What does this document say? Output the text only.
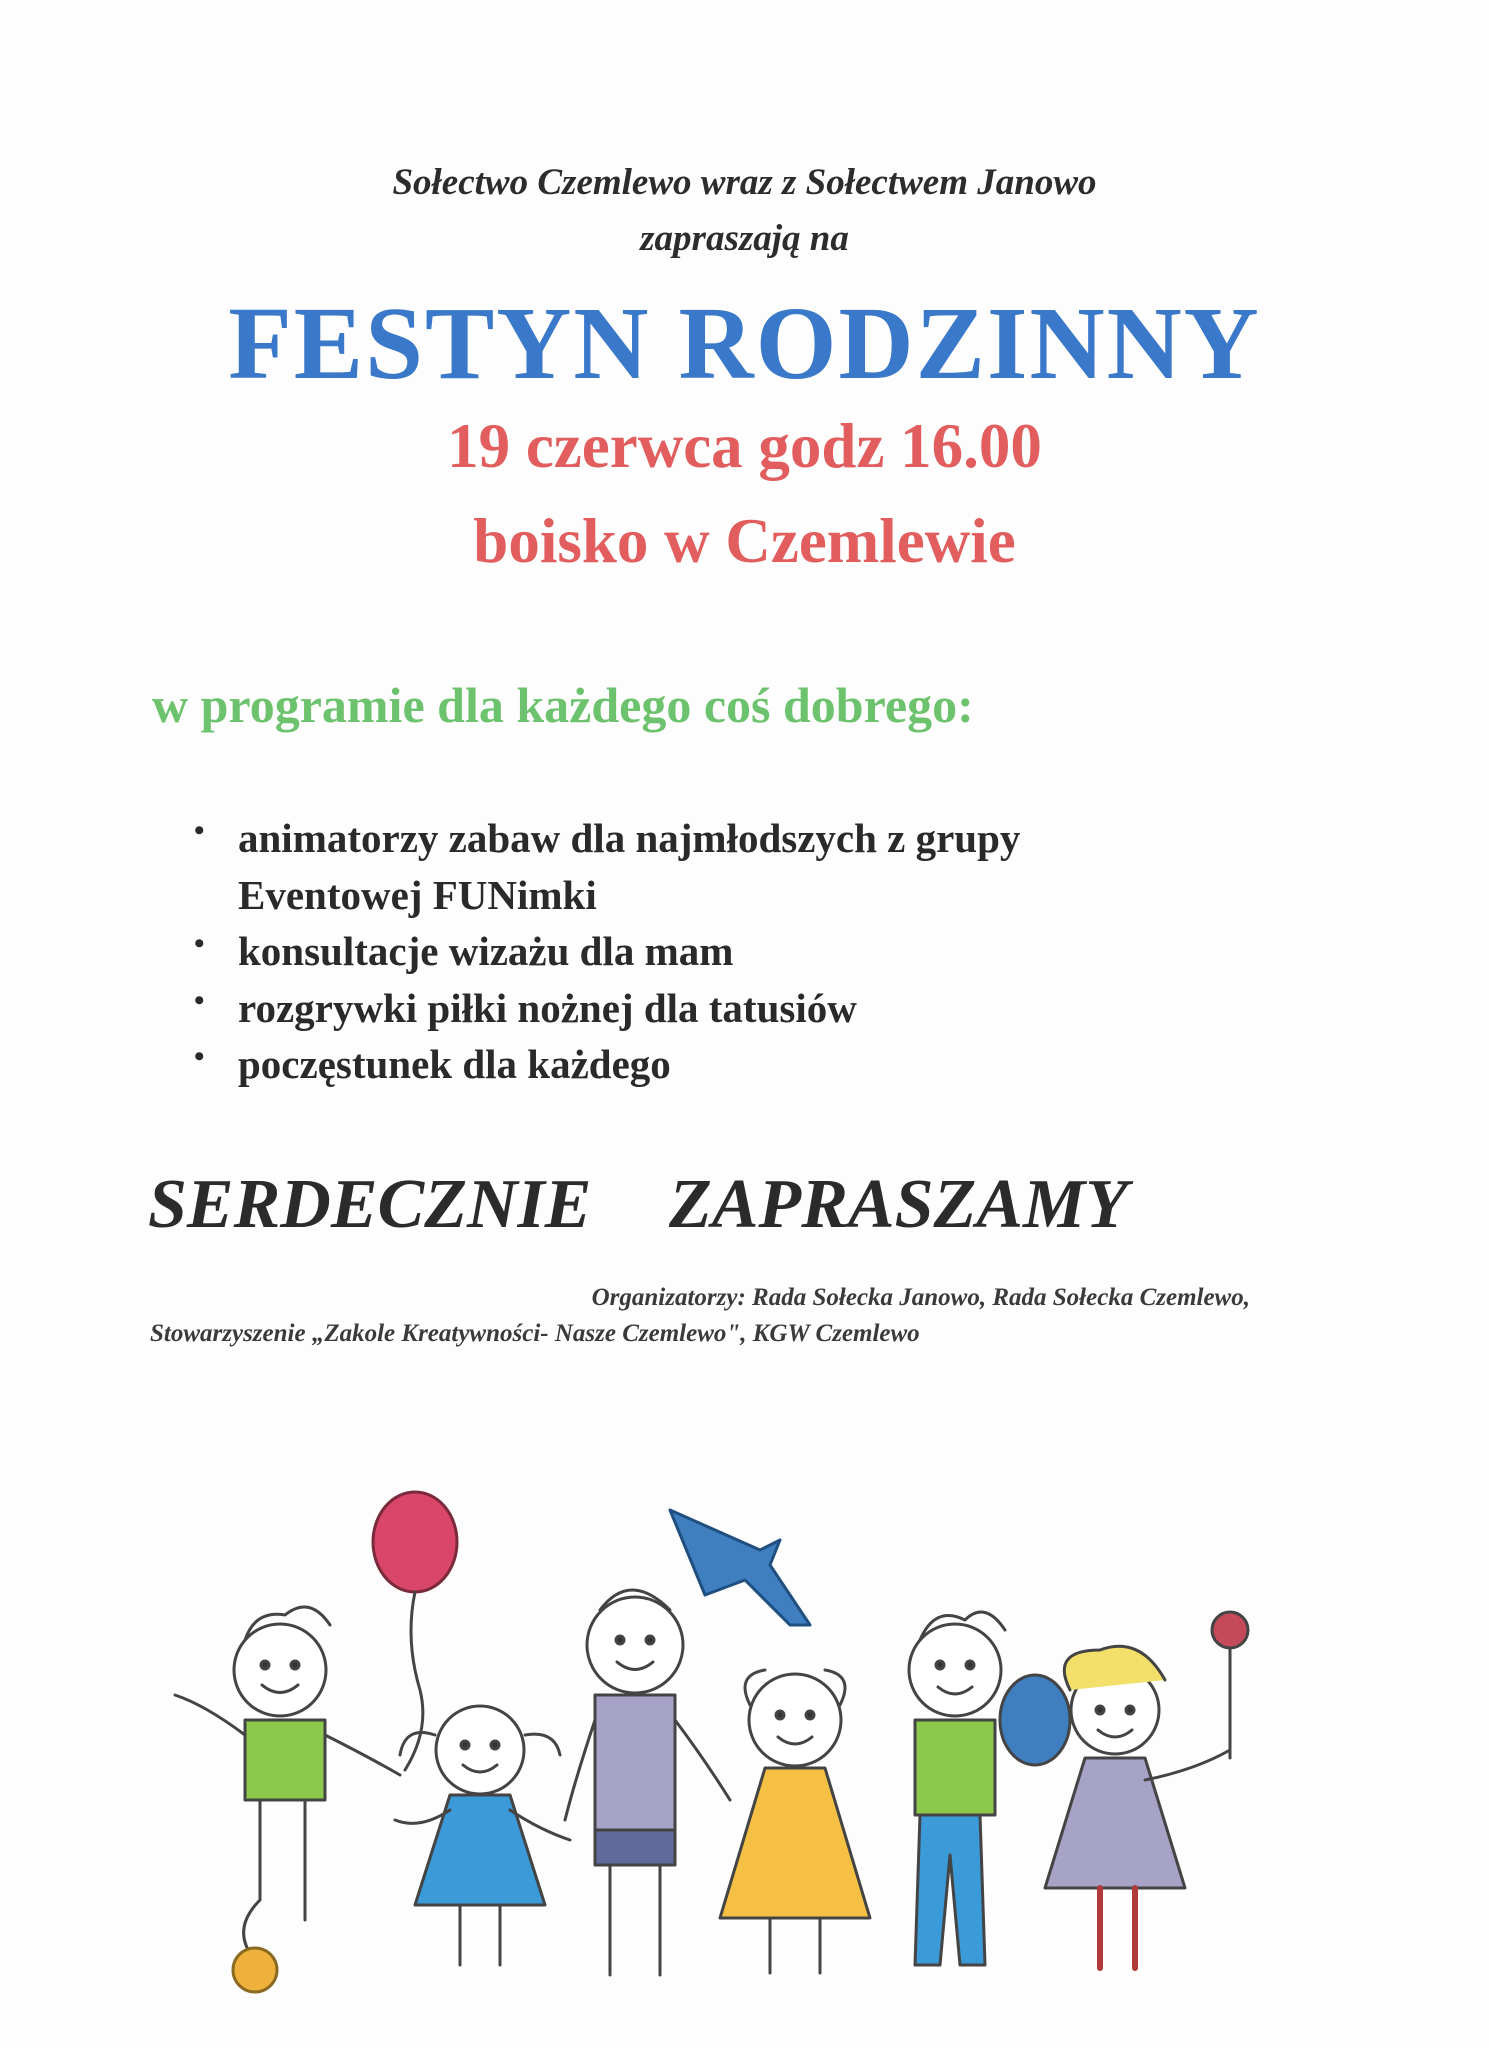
Sołectwo Czemlewo wraz z Sołectwem Janowo
zapraszają na
FESTYN RODZINNY
19 czerwca godz 16.00
boisko w Czemlewie
w programie dla każdego coś dobrego:
• animatorzy zabaw dla najmłodszych z grupy
Eventowej FUNimki
• konsultacje wizażu dla mam
• rozgrywki piłki nożnej dla tatusiów
• poczęstunek dla każdego
SERDECZNIE ZAPRASZAMY
Organizatorzy: Rada Sołecka Janowo, Rada Sołecka Czemlewo,
Stowarzyszenie „Zakole Kreatywności- Nasze Czemlewo", KGW Czemlewo
